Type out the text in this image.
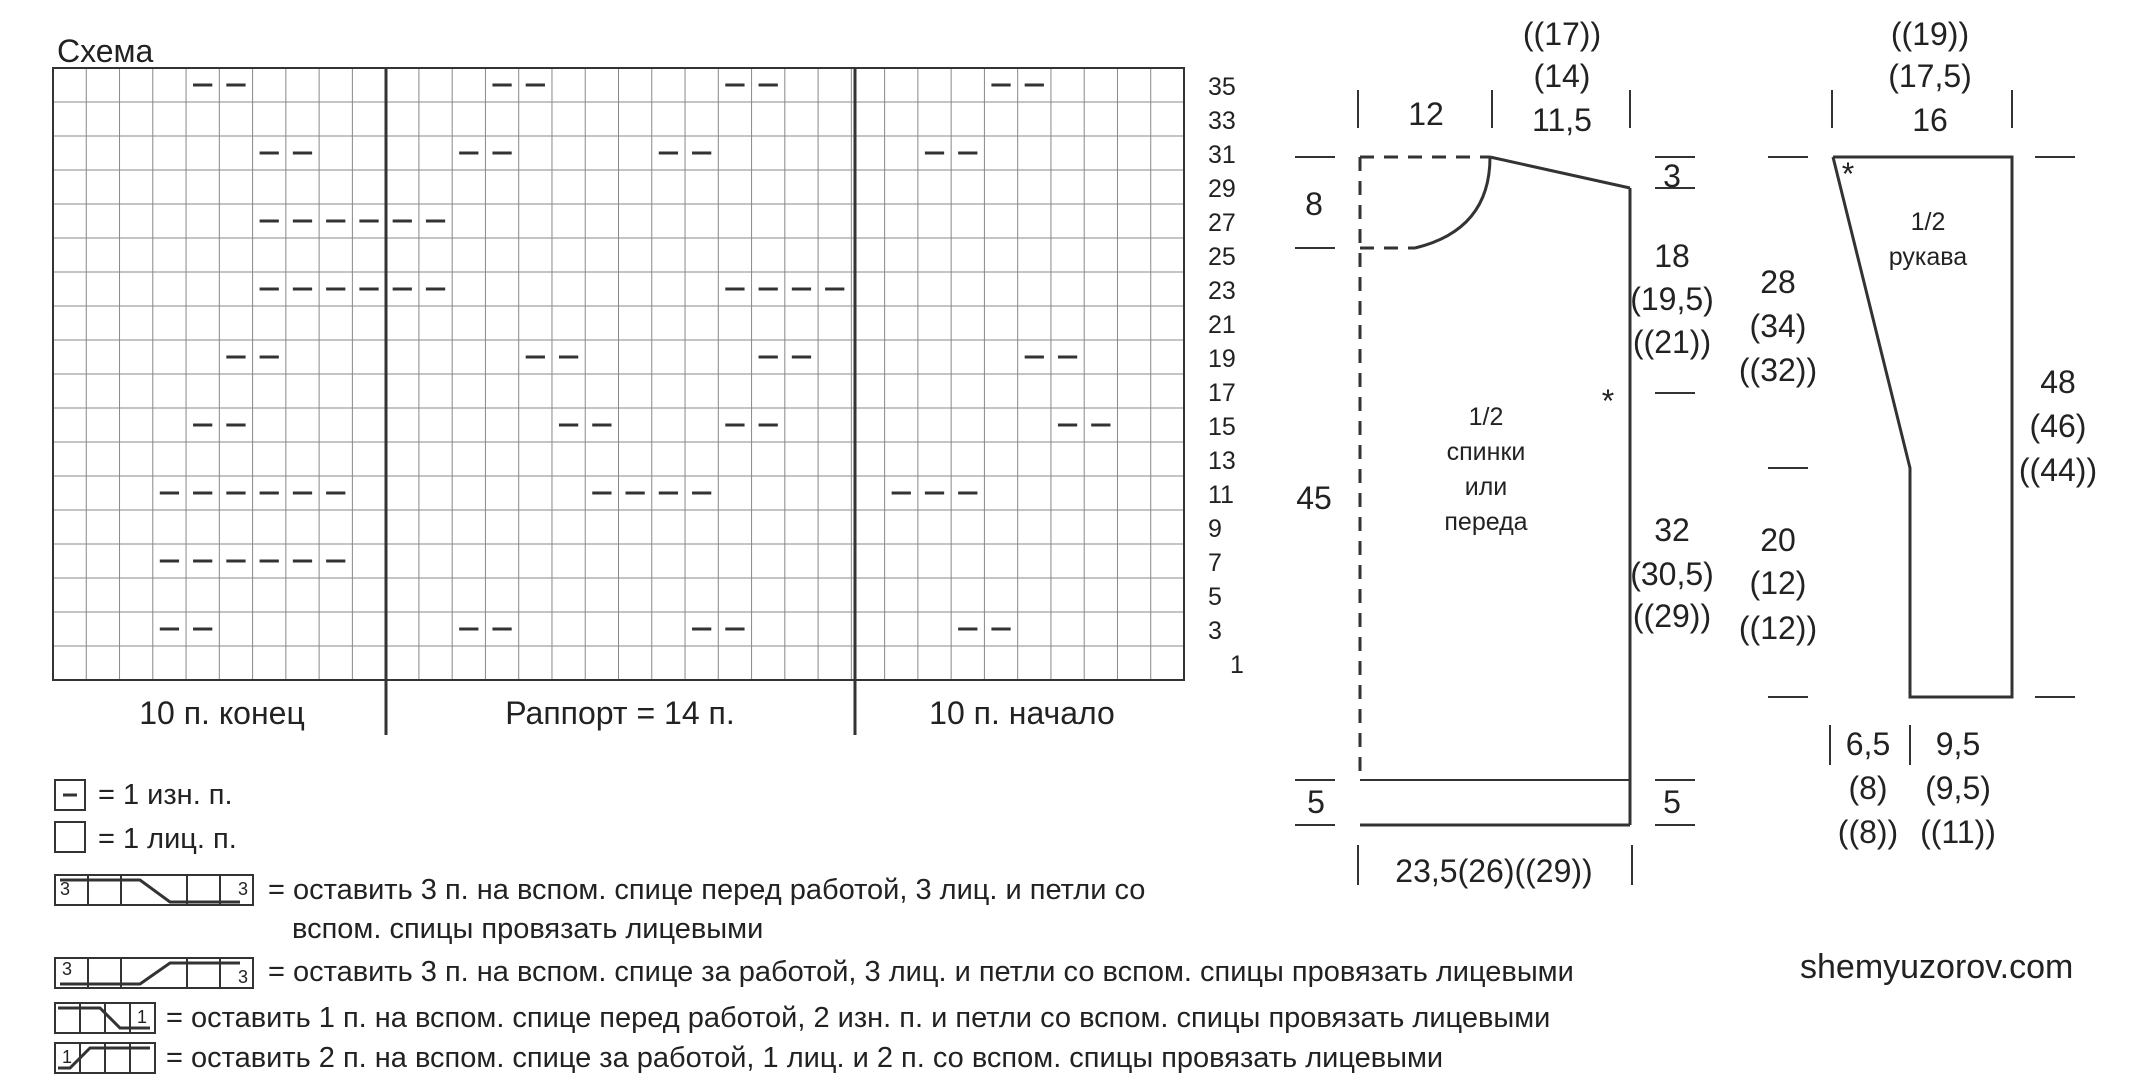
Схема
35
33
31
29
27
25
23
21
19
17
15
13
11
9
7
5
3
1
10 п. конец	Раппорт = 14 п.	10 п. начало
3	3
3	3
1
1
= 1 изн. п.
= 1 лиц. п.
= оставить 3 п. на вспом. спице перед работой, 3 лиц. и петли со
вспом. спицы провязать лицевыми
= оставить 3 п. на вспом. спице за работой, 3 лиц. и петли со вспом. спицы провязать лицевыми
= оставить 1 п. на вспом. спице перед работой, 2 изн. п. и петли со вспом. спицы провязать лицевыми
= оставить 2 п. на вспом. спице за работой, 1 лиц. и 2 п. со вспом. спицы провязать лицевыми
shemyuzorov.com
12
((17))
(14)
11,5
8
3
18
(19,5)
((21))
32
(30,5)
((29))
45
5	5
23,5(26)((29))
*
1/2
спинки
или
переда
((19))
(17,5)
16
*
1/2
рукава
28
(34)
((32))
20
(12)
((12))
48
(46)
((44))
6,5
(8)
((8))
9,5
(9,5)
((11))
